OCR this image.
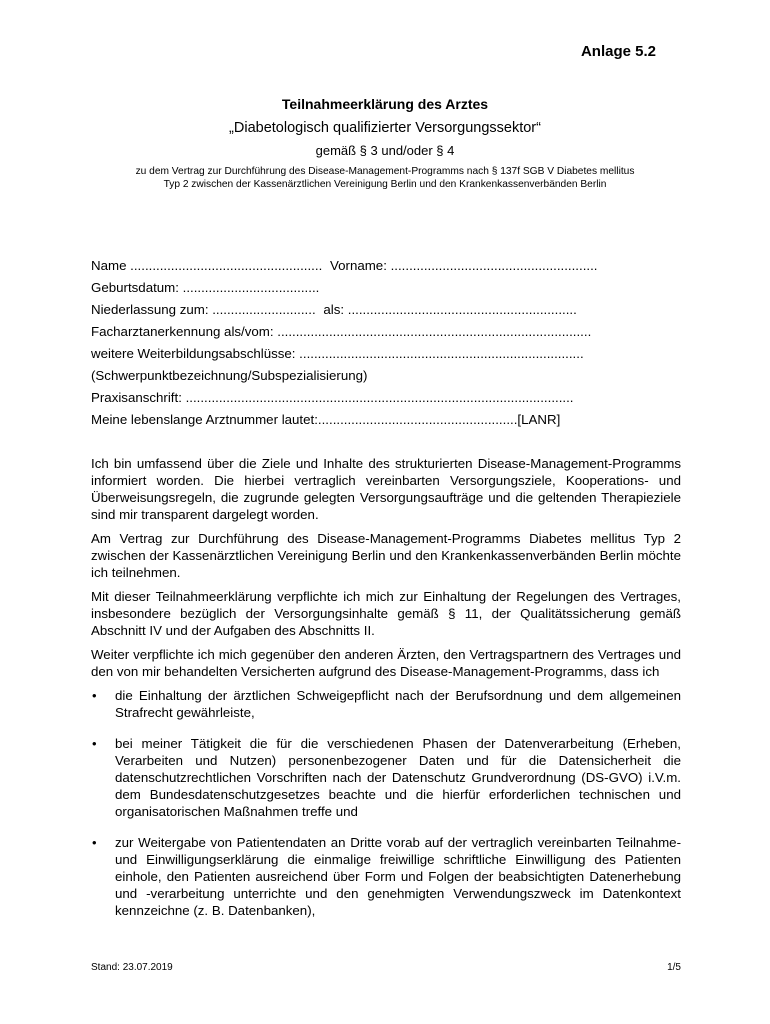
Anlage 5.2
Teilnahmeerklärung des Arztes
„Diabetologisch qualifizierter Versorgungssektor“
gemäß § 3 und/oder § 4
zu dem Vertrag zur Durchführung des Disease-Management-Programms nach § 137f SGB V Diabetes mellitus
Typ 2 zwischen der Kassenärztlichen Vereinigung Berlin und den Krankenkassenverbänden Berlin
Name .................................................... Vorname: ........................................................
Geburtsdatum: .....................................
Niederlassung zum: ............................ als: ..............................................................
Facharztanerkennung als/vom: .....................................................................................
weitere Weiterbildungsabschlüsse: .............................................................................
(Schwerpunktbezeichnung/Subspezialisierung)
Praxisanschrift: .........................................................................................................
Meine lebenslange Arztnummer lautet:......................................................[LANR]

Ich bin umfassend über die Ziele und Inhalte des strukturierten Disease-Management-Programms informiert worden. Die hierbei vertraglich vereinbarten Versorgungsziele, Kooperations- und Überweisungsregeln, die zugrunde gelegten Versorgungsaufträge und die geltenden Therapieziele sind mir transparent dargelegt worden.

Am Vertrag zur Durchführung des Disease-Management-Programms Diabetes mellitus Typ 2 zwischen der Kassenärztlichen Vereinigung Berlin und den Krankenkassenverbänden Berlin möchte ich teilnehmen.

Mit dieser Teilnahmeerklärung verpflichte ich mich zur Einhaltung der Regelungen des Vertrages, insbesondere bezüglich der Versorgungsinhalte gemäß § 11, der Qualitätssicherung gemäß Abschnitt IV und der Aufgaben des Abschnitts II.

Weiter verpflichte ich mich gegenüber den anderen Ärzten, den Vertragspartnern des Vertrages und den von mir behandelten Versicherten aufgrund des Disease-Management-Programms, dass ich

• die Einhaltung der ärztlichen Schweigepflicht nach der Berufsordnung und dem allgemeinen Strafrecht gewährleiste,
• bei meiner Tätigkeit die für die verschiedenen Phasen der Datenverarbeitung (Erheben, Verarbeiten und Nutzen) personenbezogener Daten und für die Datensicherheit die datenschutzrechtlichen Vorschriften nach der Datenschutz Grundverordnung (DS-GVO) i.V.m. dem Bundesdatenschutzgesetzes beachte und die hierfür erforderlichen technischen und organisatorischen Maßnahmen treffe und
• zur Weitergabe von Patientendaten an Dritte vorab auf der vertraglich vereinbarten Teilnahme- und Einwilligungserklärung die einmalige freiwillige schriftliche Einwilligung des Patienten einhole, den Patienten ausreichend über Form und Folgen der beabsichtigten Datenerhebung und -verarbeitung unterrichte und den genehmigten Verwendungszweck im Datenkontext kennzeichne (z. B. Datenbanken),
Stand: 23.07.2019	1/5
